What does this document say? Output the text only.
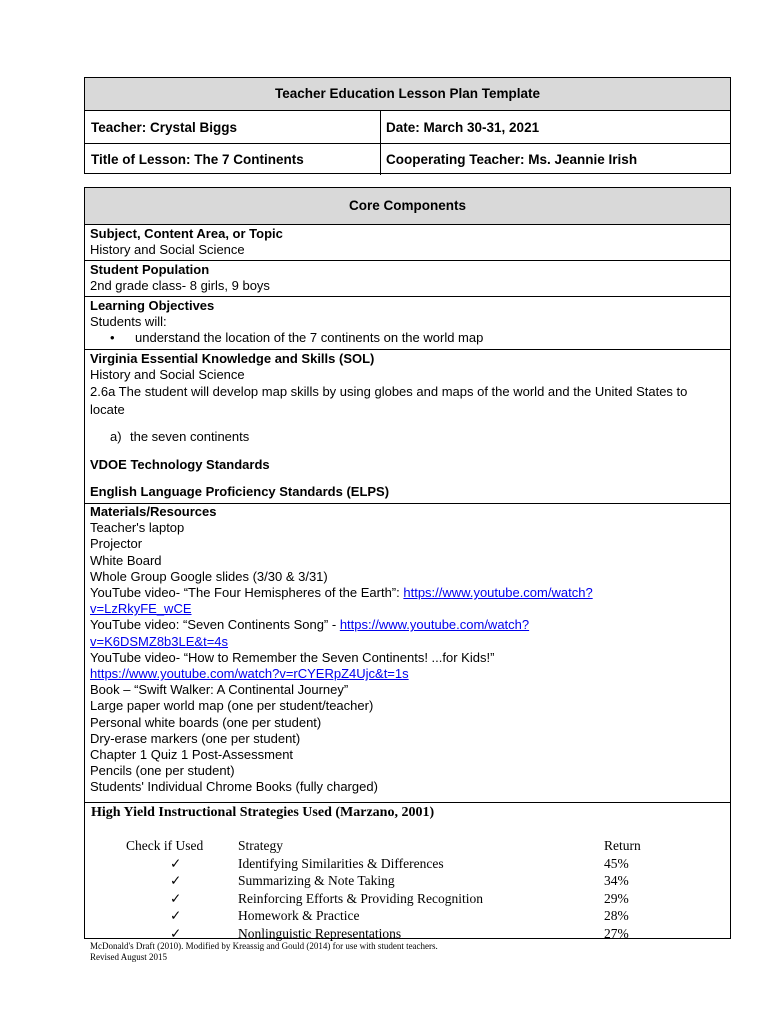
Teacher Education Lesson Plan Template
Teacher: Crystal Biggs	Date: March 30-31, 2021
Title of Lesson: The 7 Continents	Cooperating Teacher: Ms. Jeannie Irish
Core Components
Subject, Content Area, or Topic
History and Social Science
Student Population
2nd grade class- 8 girls, 9 boys
Learning Objectives
Students will:
•	understand the location of the 7 continents on the world map
Virginia Essential Knowledge and Skills (SOL)
History and Social Science
2.6a The student will develop map skills by using globes and maps of the world and the United States to locate
a) the seven continents
VDOE Technology Standards
English Language Proficiency Standards (ELPS)
Materials/Resources
Teacher's laptop
Projector
White Board
Whole Group Google slides (3/30 & 3/31)
YouTube video- “The Four Hemispheres of the Earth”: https://www.youtube.com/watch?
v=LzRkyFE_wCE
YouTube video: “Seven Continents Song” - https://www.youtube.com/watch?
v=K6DSMZ8b3LE&t=4s
YouTube video- “How to Remember the Seven Continents! ...for Kids!”
https://www.youtube.com/watch?v=rCYERpZ4Ujc&t=1s
Book – “Swift Walker: A Continental Journey”
Large paper world map (one per student/teacher)
Personal white boards (one per student)
Dry-erase markers (one per student)
Chapter 1 Quiz 1 Post-Assessment
Pencils (one per student)
Students' Individual Chrome Books (fully charged)
High Yield Instructional Strategies Used (Marzano, 2001)
Check if Used	Strategy	Return
✓	Identifying Similarities & Differences	45%
✓	Summarizing & Note Taking	34%
✓	Reinforcing Efforts & Providing Recognition	29%
✓	Homework & Practice	28%
✓	Nonlinguistic Representations	27%
McDonald's Draft (2010). Modified by Kreassig and Gould (2014) for use with student teachers.
Revised August 2015
